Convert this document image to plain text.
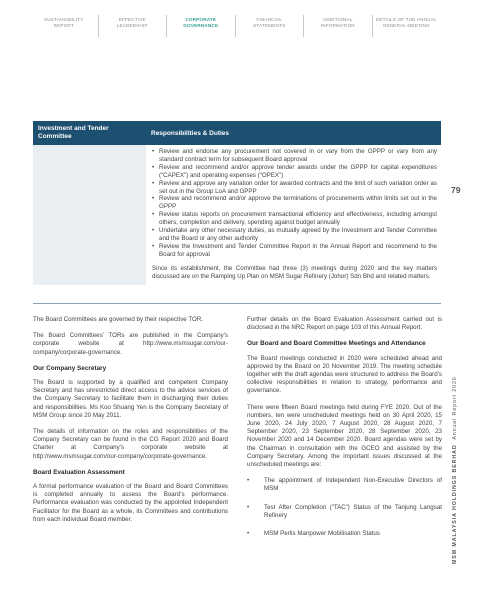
SUSTAINABILITY
REPORT
EFFECTIVE
LEADERSHIP
CORPORATE
GOVERNANCE
FINANCIAL
STATEMENTS
ADDITIONAL
INFORMATION
DETAILS OF THE ANNUAL
GENERAL MEETING
Investment and Tender Committee	Responsibilities & Duties
• Review and endorse any procurement not covered in or vary from the GPPP or vary from any standard contract term for subsequent Board approval
• Review and recommend and/or approve tender awards under the GPPP for capital expenditures (“CAPEX”) and operating expenses (“OPEX”)
• Review and approve any variation order for awarded contracts and the limit of such variation order as set out in the Group LoA and GPPP
• Review and recommend and/or approve the terminations of procurements within limits set out in the GPPP
• Review status reports on procurement transactional efficiency and effectiveness, including amongst others, completion and delivery, spending against budget annually
• Undertake any other necessary duties, as mutually agreed by the Investment and Tender Committee and the Board or any other authority
• Review the Investment and Tender Committee Report in the Annual Report and recommend to the Board for approval

Since its establishment, the Committee had three (3) meetings during 2020 and the key matters discussed are on the Ramping Up Plan on MSM Sugar Refinery (Johor) Sdn Bhd and related matters.

The Board Committees are governed by their respective TOR.

The Board Committees’ TORs are published in the Company’s corporate website at http://www.msmsugar.com/our-company/corporate-governance.

Our Company Secretary

The Board is supported by a qualified and competent Company Secretary and has unrestricted direct access to the advice services of the Company Secretary to facilitate them in discharging their duties and responsibilities. Ms Koo Shuang Yen is the Company Secretary of MSM Group since 20 May 2011.

The details of information on the roles and responsibilities of the Company Secretary can be found in the CG Report 2020 and Board Charter at Company’s corporate website at http://www.msmsugar.com/our-company/corporate-governance.

Board Evaluation Assessment

A formal performance evaluation of the Board and Board Committees is completed annually to assess the Board’s performance. Performance evaluation was conducted by the appointed Independent Facilitator for the Board as a whole, its Committees and contributions from each individual Board member.

Further details on the Board Evaluation Assessment carried out is disclosed in the NRC Report on page 103 of this Annual Report.

Our Board and Board Committee Meetings and Attendance

The Board meetings conducted in 2020 were scheduled ahead and approved by the Board on 20 November 2019. The meeting schedule together with the draft agendas were structured to address the Board’s collective responsibilities in relation to strategy, performance and governance.

There were fifteen Board meetings held during FYE 2020. Out of the numbers, ten were unscheduled meetings held on 30 April 2020, 15 June 2020, 24 July 2020, 7 August 2020, 28 August 2020, 7 September 2020, 23 September 2020, 28 September 2020, 23 November 2020 and 14 December 2020. Board agendas were set by the Chairman in consultation with the GCEO and assisted by the Company Secretary. Among the important issues discussed at the unscheduled meetings are:

• The appointment of Independent Non-Executive Directors of MSM
• Test After Completion (“TAC”) Status of the Tanjung Langsat Refinery
• MSM Perlis Manpower Mobilisation Status
79
MSM MALAYSIA HOLDINGS BERHAD  Annual Report 2020
